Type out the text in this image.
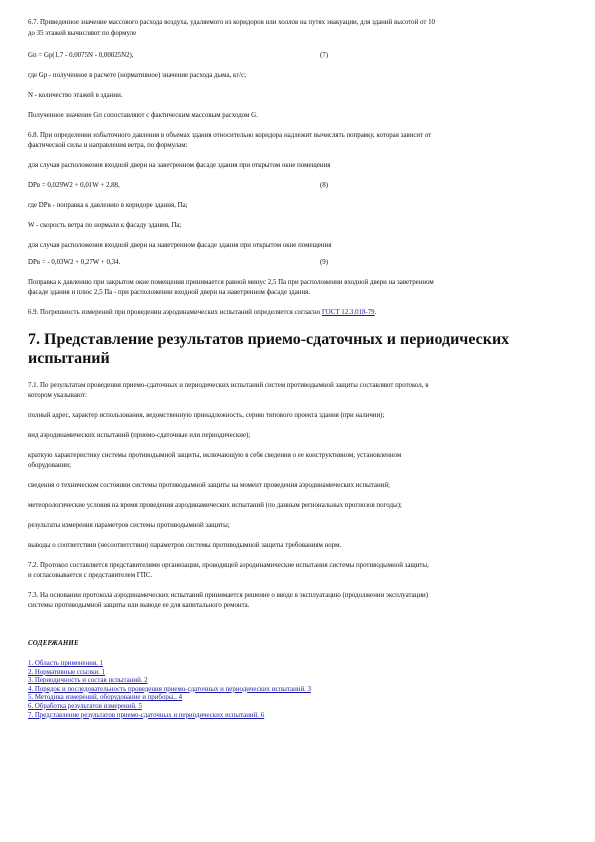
6.7. Приведенное значение массового расхода воздуха, удаляемого из коридоров или холлов на путях эвакуации, для зданий высотой от 10
до 35 этажей вычисляют по формуле
Gп = Gр(1,7 - 0,0075N - 0,00025N2),	(7)
где Gр - полученное в расчете (нормативное) значение расхода дыма, кг/с;
N - количество этажей в здании.
Полученное значение Gп сопоставляют с фактическим массовым расходом G.
6.8. При определении избыточного давления в объемах здания относительно коридора надлежит вычислять поправку, которая зависит от
фактической силы и направления ветра, по формулам:
для случая расположения входной двери на заветренном фасаде здания при открытом окне помещения
DPв = 0,029W2 + 0,01W + 2,88,	(8)
где DPв - поправка к давлению в коридоре здания, Па;
W - скорость ветра по нормали к фасаду здания, Пa;
для случая расположения входной двери на наветренном фасаде здания при открытом окне помещения
DPв = - 0,03W2 + 0,27W + 0,34.	(9)
Поправка к давлению при закрытом окне помещения принимается равной минус 2,5 Па при расположении входной двери на заветренном
фасаде здания и плюс 2,5 Па - при расположении входной двери на наветренном фасаде здания.
6.9. Погрешность измерений при проведении аэродинамических испытаний определяется согласно ГОСТ 12.3.018-79.
7. Представление результатов приемо-сдаточных и периодических испытаний
7.1. По результатам проведения приемо-сдаточных и периодических испытаний систем противодымной защиты составляют протокол, в
котором указывают:
полный адрес, характер использования, ведомственную принадлежность, серию типового проекта здания (при наличии);
вид аэродинамических испытаний (приемо-сдаточные или периодические);
краткую характеристику системы противодымной защиты, включающую в себя сведения о ее конструктивном, установленном
оборудовании;
сведения о техническом состоянии системы противодымной защиты на момент проведения аэродинамических испытаний;
метеорологические условия на время проведения аэродинамических испытаний (по данным региональных прогнозов погоды);
результаты измерения параметров системы противодымной защиты;
выводы о соответствии (несоответствии) параметров системы противодымной защиты требованиям норм.
7.2. Протокол составляется представителями организации, проводящей аэродинамические испытания системы противодымной защиты,
и согласовывается с представителем ГПС.
7.3. На основании протокола аэродинамических испытаний принимается решение о вводе в эксплуатацию (продолжении эксплуатации)
системы противодымной защиты или выводе ее для капитального ремонта.
СОДЕРЖАНИЕ
1. Область применения. 1
2. Нормативные ссылки. 1
3. Периодичность и состав испытаний. 2
4. Порядок и последовательность проведения приемо-сдаточных и периодических испытаний. 3
5. Методика измерений, оборудование и приборы.. 4
6. Обработка результатов измерений. 5
7. Представление результатов приемо-сдаточных и периодических испытаний. 6
